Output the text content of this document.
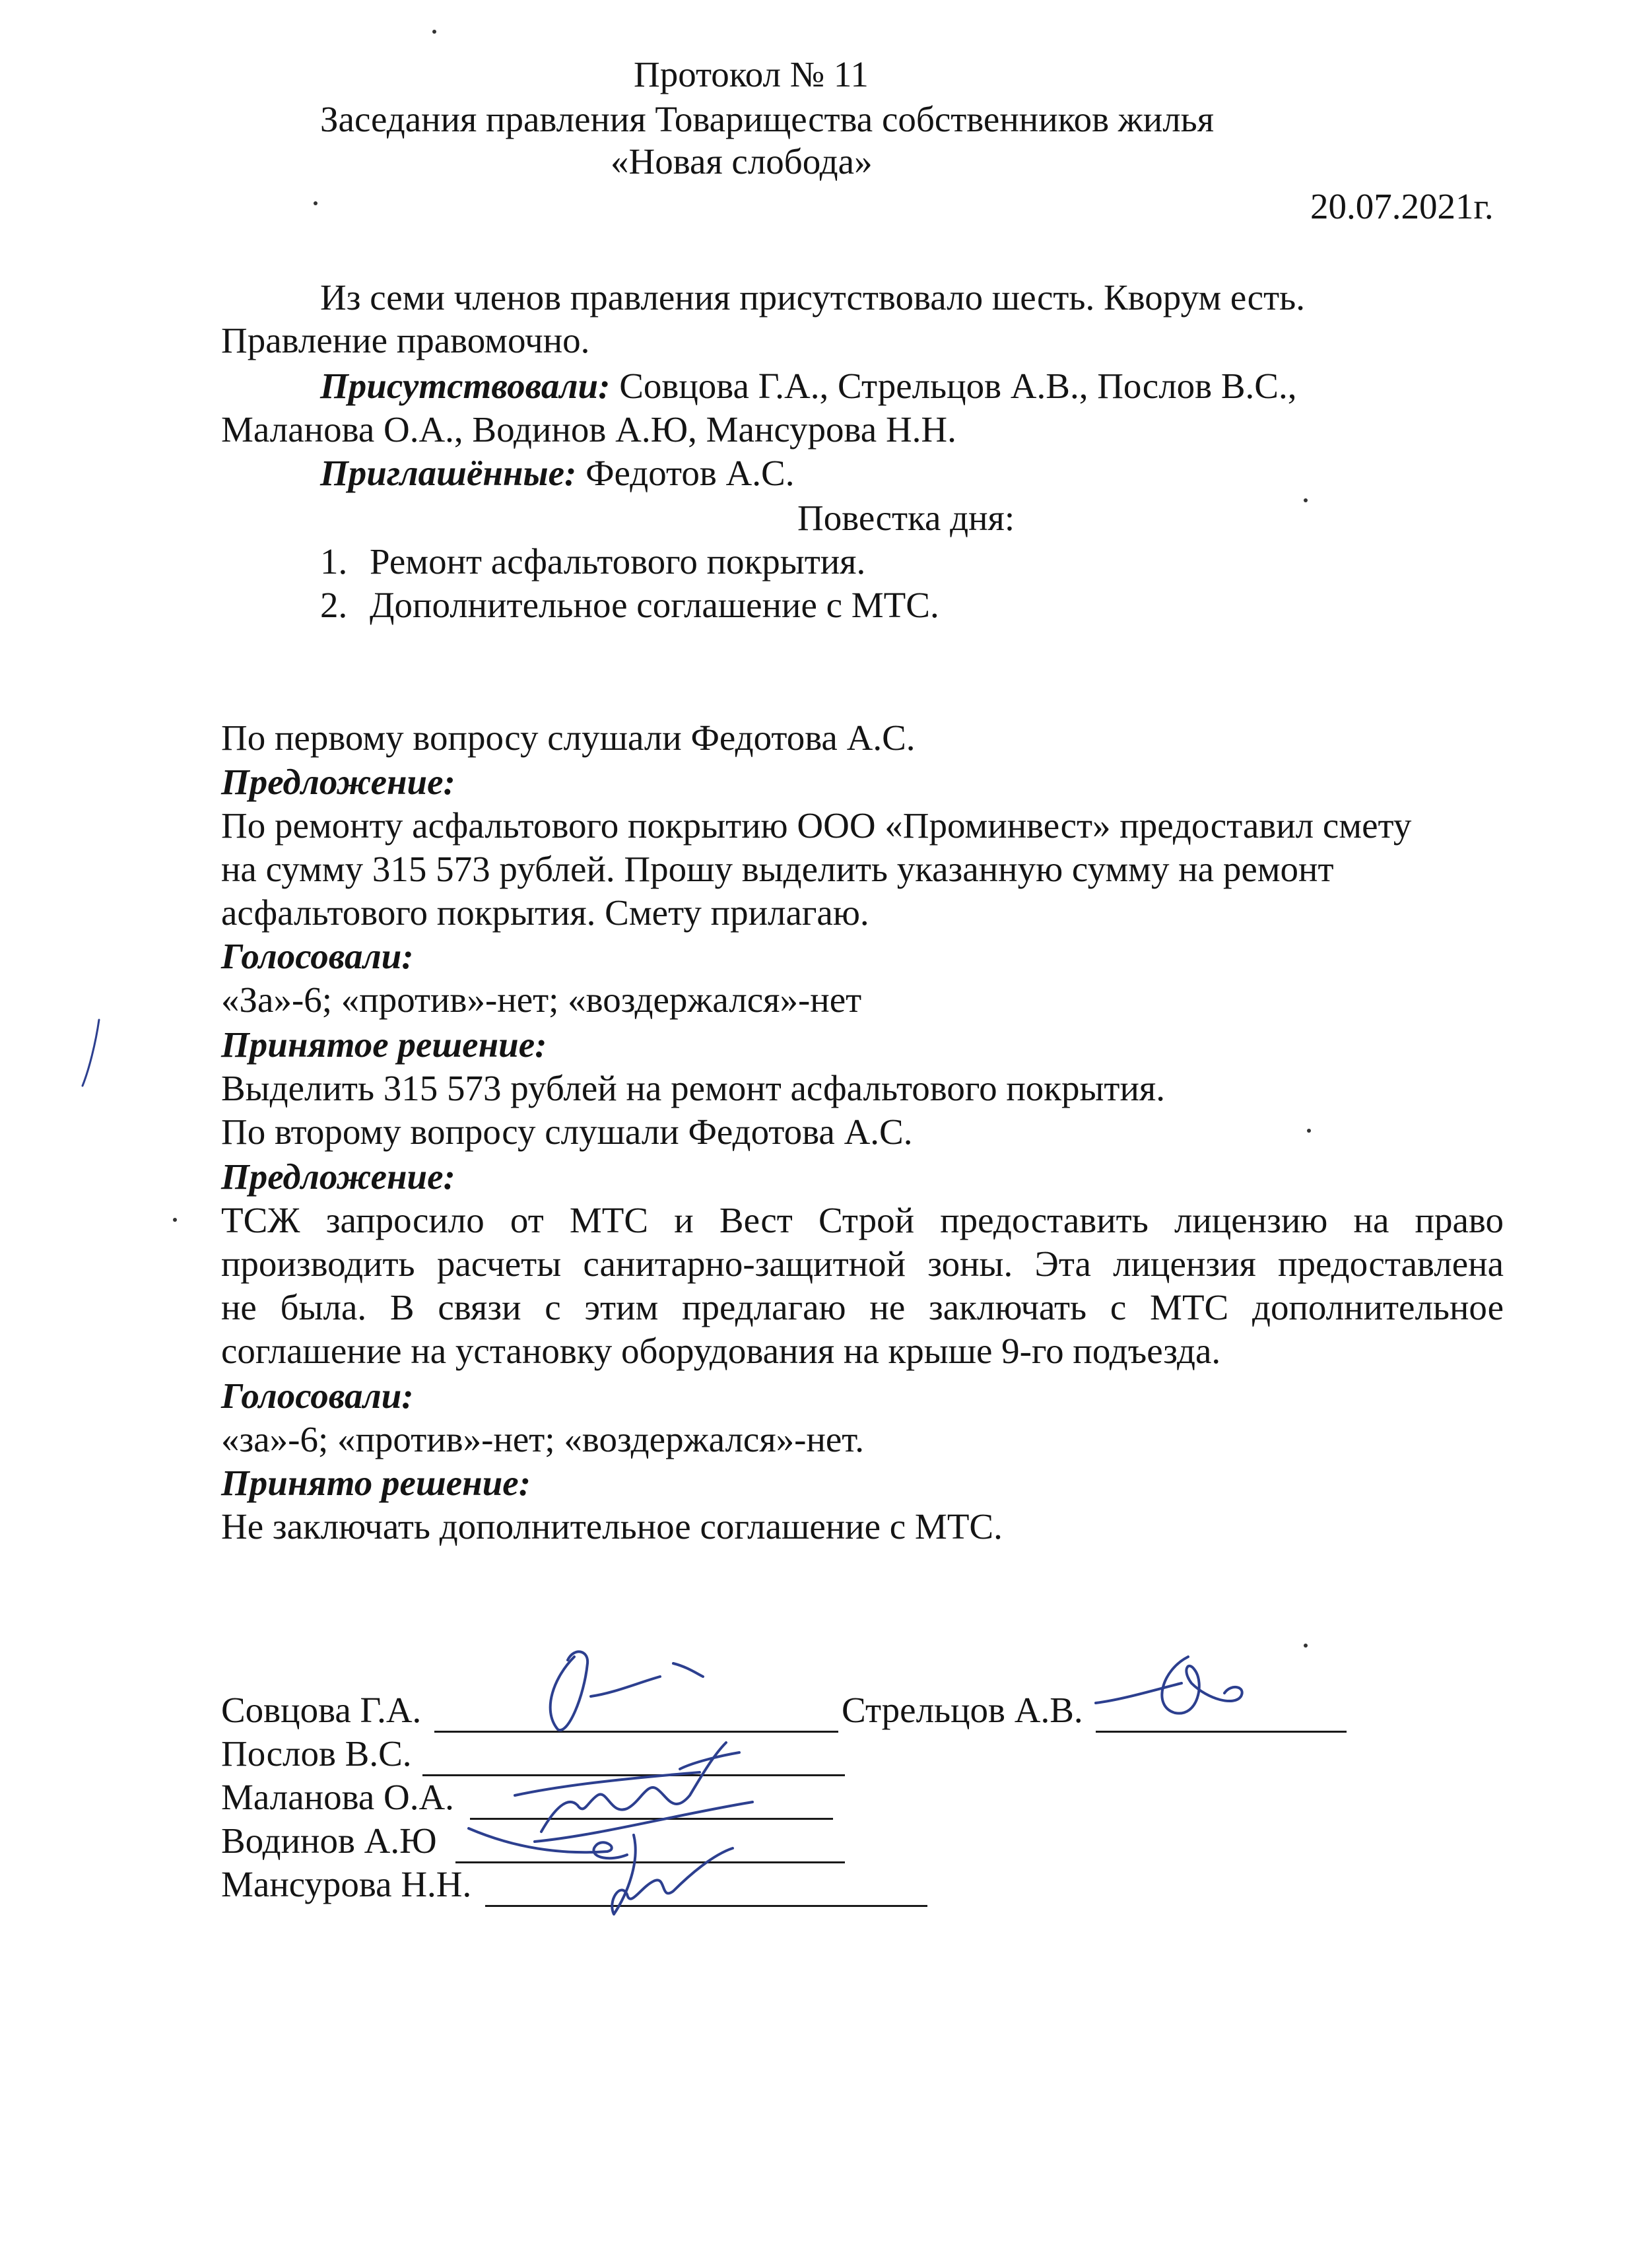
Протокол № 11
Заседания правления Товарищества собственников жилья
«Новая слобода»
20.07.2021г.
Из семи членов правления присутствовало шесть. Кворум есть.
Правление правомочно.
Присутствовали: Совцова Г.А., Стрельцов А.В., Послов В.С.,
Маланова О.А., Водинов А.Ю, Мансурова Н.Н.
Приглашённые: Федотов А.С.
Повестка дня:
1. Ремонт асфальтового покрытия.
2. Дополнительное соглашение с МТС.
По первому вопросу слушали Федотова А.С.
Предложение:
По ремонту асфальтового покрытию ООО «Проминвест» предоставил смету
на сумму 315 573 рублей. Прошу выделить указанную сумму на ремонт
асфальтового покрытия. Смету прилагаю.
Голосовали:
«За»-6; «против»-нет; «воздержался»-нет
Принятое решение:
Выделить 315 573 рублей на ремонт асфальтового покрытия.
По второму вопросу слушали Федотова А.С.
Предложение:
ТСЖ запросило от МТС и Вест Строй предоставить лицензию на право
производить расчеты санитарно-защитной зоны. Эта лицензия предоставлена
не была. В связи с этим предлагаю не заключать с МТС дополнительное
соглашение на установку оборудования на крыше 9-го подъезда.
Голосовали:
«за»-6; «против»-нет; «воздержался»-нет.
Принято решение:
Не заключать дополнительное соглашение с МТС.
Совцова Г.А.	Стрельцов А.В.
Послов В.С.
Маланова О.А.
Водинов А.Ю
Мансурова Н.Н.
